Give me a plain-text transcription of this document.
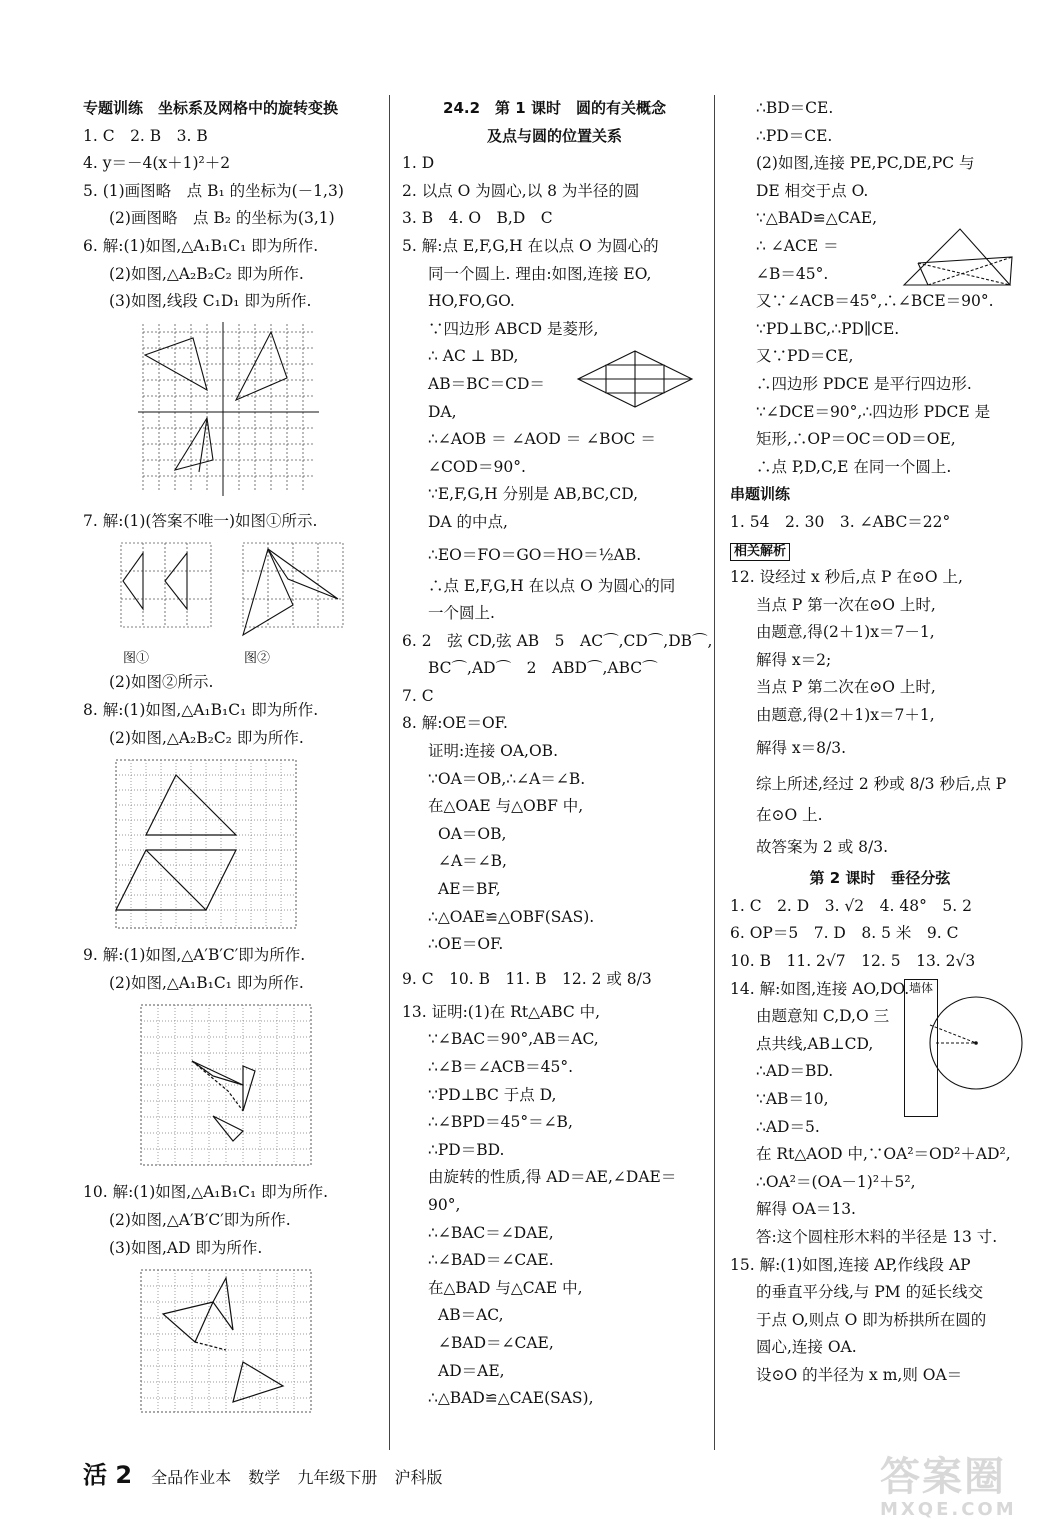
专题训练　坐标系及网格中的旋转变换
1. C　2. B　3. B
4. y＝－4(x＋1)²＋2
5. (1)画图略　点 B₁ 的坐标为(－1,3)
(2)画图略　点 B₂ 的坐标为(3,1)
6. 解:(1)如图,△A₁B₁C₁ 即为所作.
(2)如图,△A₂B₂C₂ 即为所作.
(3)如图,线段 C₁D₁ 即为所作.
7. 解:(1)(答案不唯一)如图①所示.
图①	图②
(2)如图②所示.
8. 解:(1)如图,△A₁B₁C₁ 即为所作.
(2)如图,△A₂B₂C₂ 即为所作.
9. 解:(1)如图,△A′B′C′即为所作.
(2)如图,△A₁B₁C₁ 即为所作.
10. 解:(1)如图,△A₁B₁C₁ 即为所作.
(2)如图,△A′B′C′即为所作.
(3)如图,AD 即为所作.
24.2　第 1 课时　圆的有关概念
及点与圆的位置关系
1. D
2. 以点 O 为圆心,以 8 为半径的圆
3. B　4. O　B,D　C
5. 解:点 E,F,G,H 在以点 O 为圆心的
同一个圆上. 理由:如图,连接 EO,
HO,FO,GO.
∵四边形 ABCD 是菱形,
∴ AC ⊥ BD,
AB＝BC＝CD＝
DA,
∴∠AOB ＝ ∠AOD ＝ ∠BOC ＝
∠COD＝90°.
∵E,F,G,H 分别是 AB,BC,CD,
DA 的中点,
∴EO＝FO＝GO＝HO＝½AB.
∴点 E,F,G,H 在以点 O 为圆心的同
一个圆上.
6. 2　弦 CD,弦 AB　5　AC⌒,CD⌒,DB⌒,
BC⌒,AD⌒　2　ABD⌒,ABC⌒
7. C
8. 解:OE＝OF.
证明:连接 OA,OB.
∵OA＝OB,∴∠A＝∠B.
在△OAE 与△OBF 中,
OA＝OB,
∠A＝∠B,
AE＝BF,
∴△OAE≌△OBF(SAS).
∴OE＝OF.
9. C　10. B　11. B　12. 2 或 8/3
13. 证明:(1)在 Rt△ABC 中,
∵∠BAC＝90°,AB＝AC,
∴∠B＝∠ACB＝45°.
∵PD⊥BC 于点 D,
∴∠BPD＝45°＝∠B,
∴PD＝BD.
由旋转的性质,得 AD＝AE,∠DAE＝
90°,
∴∠BAC＝∠DAE,
∴∠BAD＝∠CAE.
在△BAD 与△CAE 中,
AB＝AC,
∠BAD＝∠CAE,
AD＝AE,
∴△BAD≌△CAE(SAS),
∴BD＝CE.
∴PD＝CE.
(2)如图,连接 PE,PC,DE,PC 与
DE 相交于点 O.
∵△BAD≌△CAE,
∴ ∠ACE ＝
∠B＝45°.
又∵∠ACB＝45°,∴∠BCE＝90°.
∵PD⊥BC,∴PD∥CE.
又∵PD＝CE,
∴四边形 PDCE 是平行四边形.
∵∠DCE＝90°,∴四边形 PDCE 是
矩形,∴OP＝OC＝OD＝OE,
∴点 P,D,C,E 在同一个圆上.
串题训练
1. 54　2. 30　3. ∠ABC＝22°
相关解析
12. 设经过 x 秒后,点 P 在⊙O 上,
当点 P 第一次在⊙O 上时,
由题意,得(2＋1)x＝7－1,
解得 x＝2;
当点 P 第二次在⊙O 上时,
由题意,得(2＋1)x＝7＋1,
解得 x＝8/3.
综上所述,经过 2 秒或 8/3 秒后,点 P
在⊙O 上.
故答案为 2 或 8/3.
第 2 课时　垂径分弦
1. C　2. D　3. √2　4. 48°　5. 2
6. OP＝5　7. D　8. 5 米　9. C
10. B　11. 2√7　12. 5　13. 2√3
14. 解:如图,连接 AO,DO.
由题意知 C,D,O 三
点共线,AB⊥CD,
∴AD＝BD.
∵AB＝10,
∴AD＝5.
墙体
在 Rt△AOD 中,∵OA²＝OD²＋AD²,
∴OA²＝(OA－1)²＋5²,
解得 OA＝13.
答:这个圆柱形木料的半径是 13 寸.
15. 解:(1)如图,连接 AP,作线段 AP
的垂直平分线,与 PM 的延长线交
于点 O,则点 O 即为桥拱所在圆的
圆心,连接 OA.
设⊙O 的半径为 x m,则 OA＝
活 2 全品作业本 数学 九年级下册 沪科版	答案圈
MXQE.COM
